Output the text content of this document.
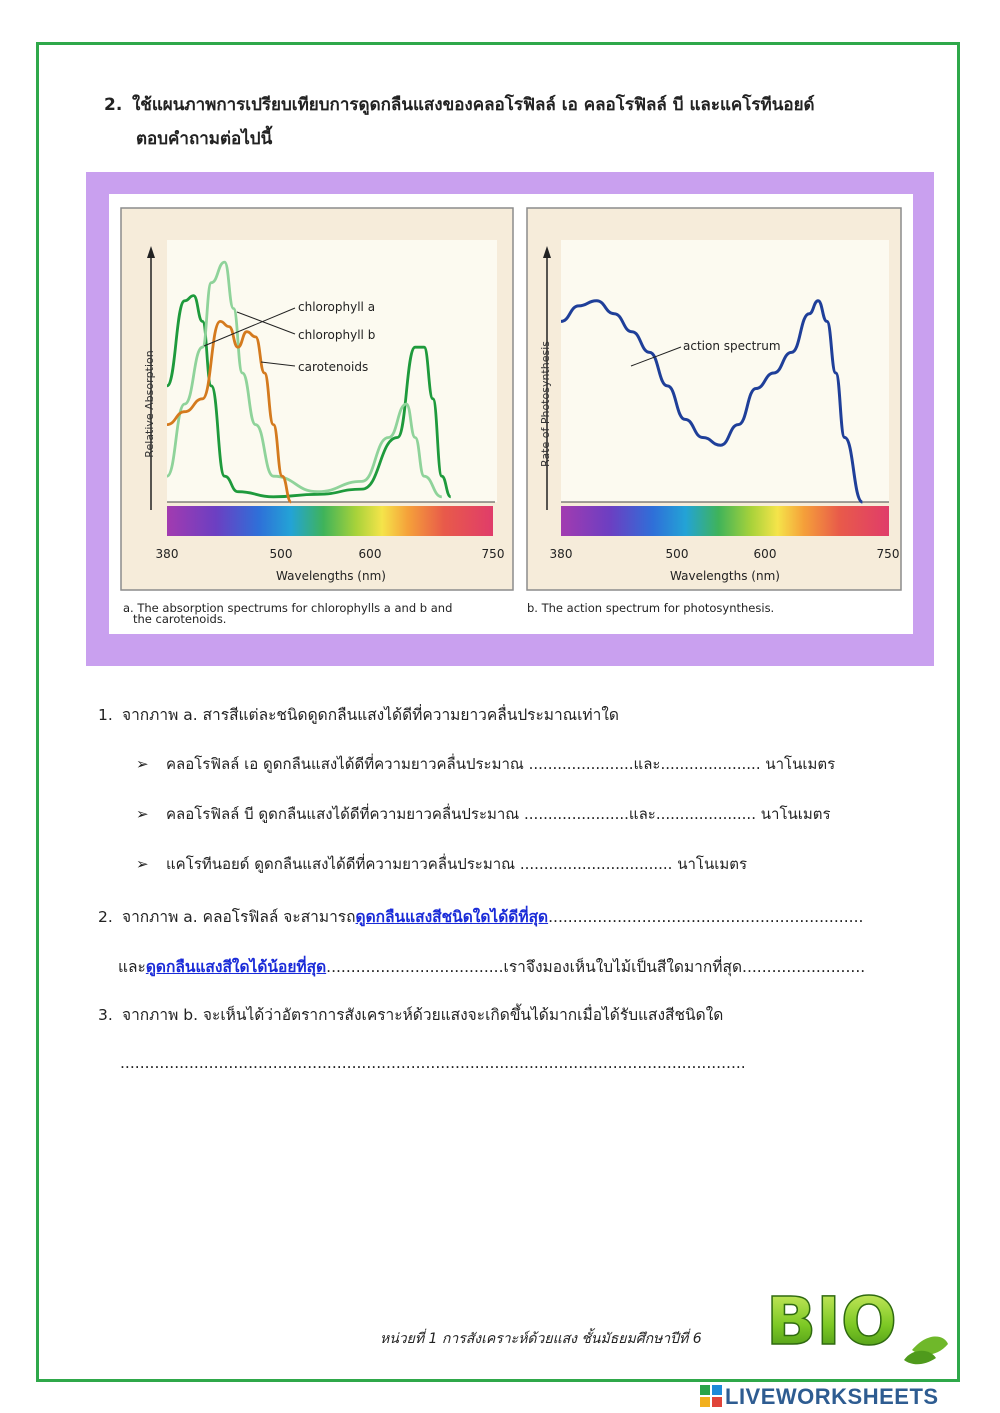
2. ใช้แผนภาพการเปรียบเทียบการดูดกลืนแสงของคลอโรฟิลล์ เอ คลอโรฟิลล์ บี และแคโรทีนอยด์
ตอบคำถามต่อไปนี้
Relative Absorption
380	500	600	750
Wavelengths (nm)
chlorophyll a
chlorophyll b
carotenoids	Rate of Photosynthesis
380	500	600	750
Wavelengths (nm)
action spectrum
a. The absorption spectrums for chlorophylls a and b and
the carotenoids.
b. The action spectrum for photosynthesis.
1. จากภาพ a. สารสีแต่ละชนิดดูดกลืนแสงได้ดีที่ความยาวคลื่นประมาณเท่าใด
➢ คลอโรฟิลล์ เอ ดูดกลืนแสงได้ดีที่ความยาวคลื่นประมาณ ......................และ..................... นาโนเมตร
➢ คลอโรฟิลล์ บี ดูดกลืนแสงได้ดีที่ความยาวคลื่นประมาณ ......................และ..................... นาโนเมตร
➢ แคโรทีนอยด์ ดูดกลืนแสงได้ดีที่ความยาวคลื่นประมาณ ................................ นาโนเมตร
2. จากภาพ a. คลอโรฟิลล์ จะสามารถดูดกลืนแสงสีชนิดใดได้ดีที่สุด................................................................
และดูดกลืนแสงสีใดได้น้อยที่สุด....................................เราจึงมองเห็นใบไม้เป็นสีใดมากที่สุด.........................
3. จากภาพ b. จะเห็นได้ว่าอัตราการสังเคราะห์ด้วยแสงจะเกิดขึ้นได้มากเมื่อได้รับแสงสีชนิดใด
...............................................................................................................................
หน่วยที่ 1 การสังเคราะห์ด้วยแสง ชั้นมัธยมศึกษาปีที่ 6 BIO
LIVEWORKSHEETS
